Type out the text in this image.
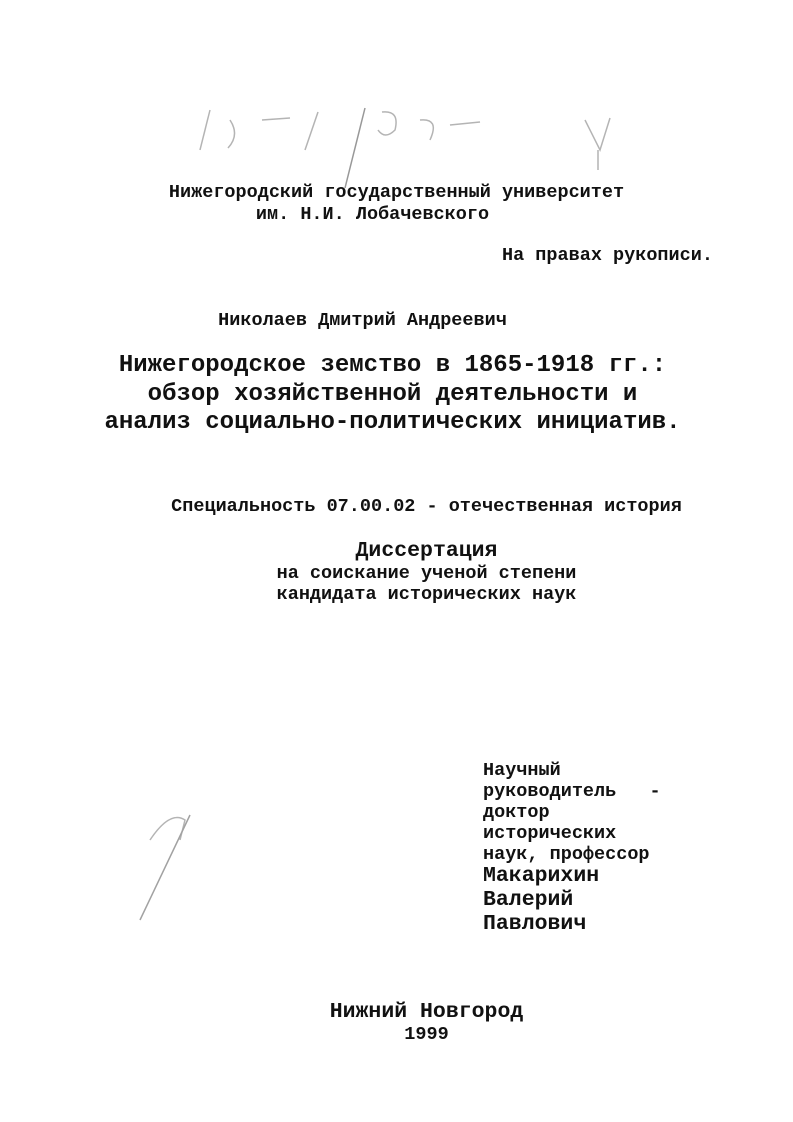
Нижегородский государственный университет
им. Н.И. Лобачевского
На правах рукописи.
Николаев Дмитрий Андреевич
Нижегородское земство в 1865-1918 гг.:
обзор хозяйственной деятельности и
анализ социально-политических инициатив.
Специальность 07.00.02 - отечественная история
Диссертация
на соискание ученой степени
кандидата исторических наук
Научный
руководитель   -
доктор
исторических
наук, профессор
Макарихин
Валерий
Павлович
Нижний Новгород
1999
